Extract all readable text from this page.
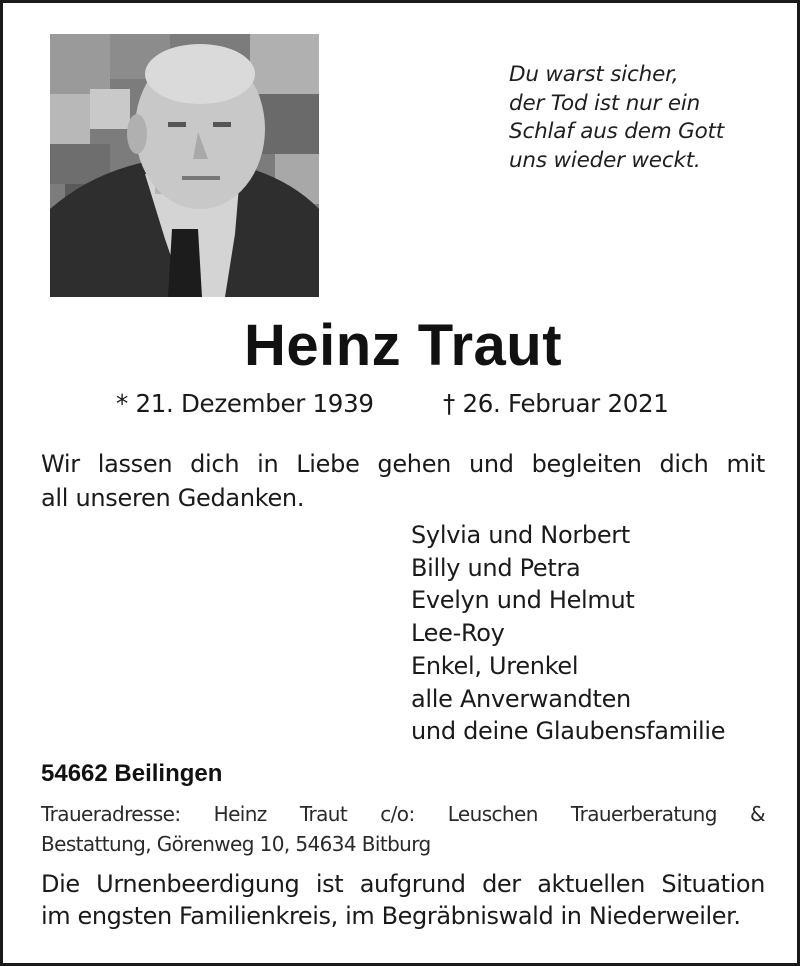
Du warst sicher,
der Tod ist nur ein
Schlaf aus dem Gott
uns wieder weckt.
Heinz Traut
* 21. Dezember 1939	† 26. Februar 2021
Wir lassen dich in Liebe gehen und begleiten dich mit
all unseren Gedanken.
Sylvia und Norbert
Billy und Petra
Evelyn und Helmut
Lee-Roy
Enkel, Urenkel
alle Anverwandten
und deine Glaubensfamilie
54662 Beilingen
Traueradresse: Heinz Traut c/o: Leuschen Trauerberatung &
Bestattung, Görenweg 10, 54634 Bitburg
Die Urnenbeerdigung ist aufgrund der aktuellen Situation
im engsten Familienkreis, im Begräbniswald in Niederweiler.
